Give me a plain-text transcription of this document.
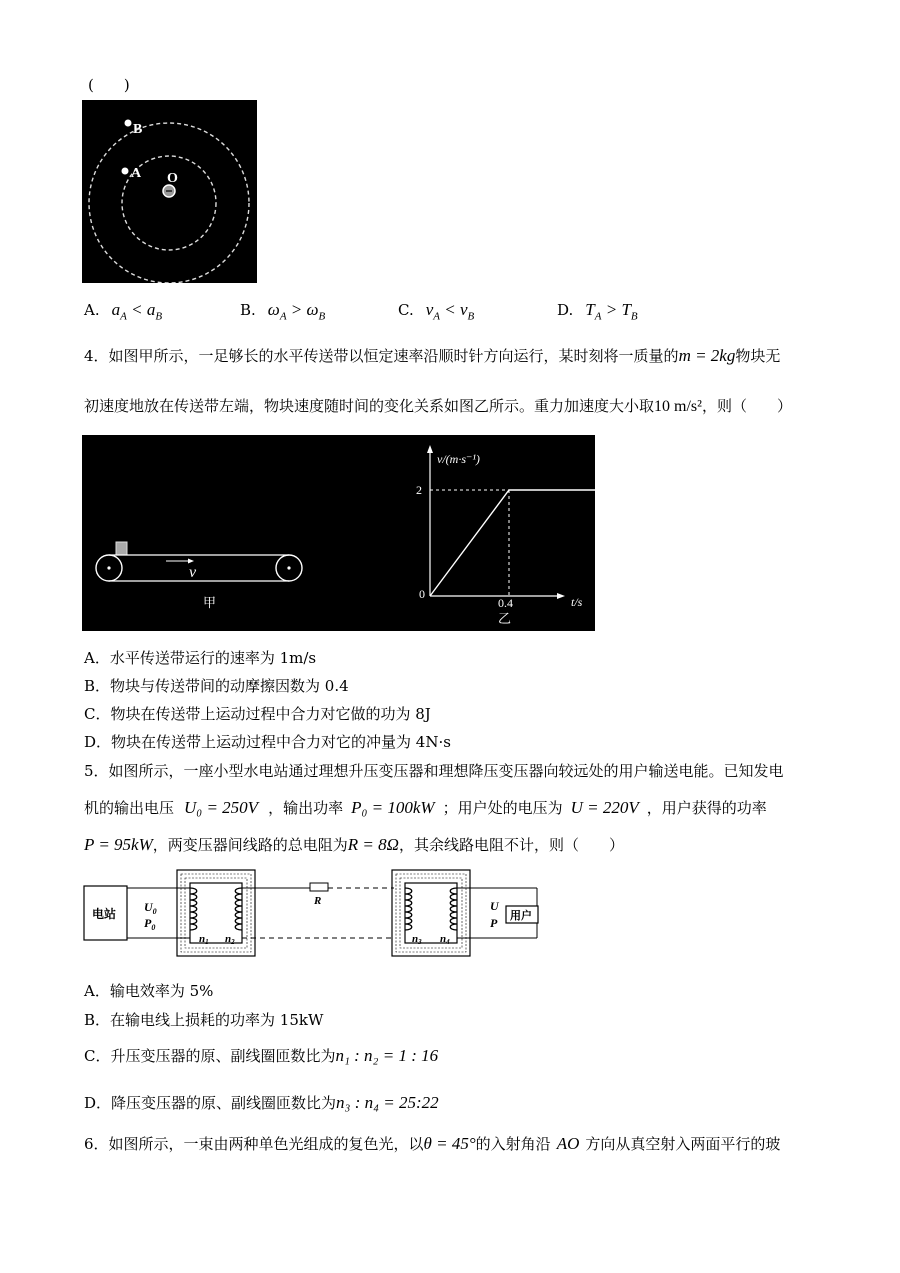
(　　)
B
A O
A. $a_A < a_B$	B. $\omega_A > \omega_B$	C. $v_A < v_B$	D. $T_A > T_B$
4．如图甲所示，一足够长的水平传送带以恒定速率沿顺时针方向运行，某时刻将一质量的m = 2kg物块无
初速度地放在传送带左端，物块速度随时间的变化关系如图乙所示。重力加速度大小取10 m/s²，则（　　）
v
甲
v/(m·s⁻¹)
t/s
2
0.4
0
乙
A．水平传送带运行的速率为 1m/s
B．物块与传送带间的动摩擦因数为 0.4
C．物块在传送带上运动过程中合力对它做的功为 8J
D．物块在传送带上运动过程中合力对它的冲量为 4N·s
5．如图所示，一座小型水电站通过理想升压变压器和理想降压变压器向较远处的用户输送电能。已知发电
机的输出电压 U₀ = 250V ，输出功率 P₀ = 100kW ；用户处的电压为 U = 220V ，用户获得的功率
P = 95kW，两变压器间线路的总电阻为R = 8Ω，其余线路电阻不计，则（　　）
电站 $U_0$
$P_0$
n1 n2
R
n3 n4
U
P 用户
A．输电效率为 5%
B．在输电线上损耗的功率为 15kW
C．升压变压器的原、副线圈匝数比为n₁ : n₂ = 1 : 16
D．降压变压器的原、副线圈匝数比为n₃ : n₄ = 25:22
6．如图所示，一束由两种单色光组成的复色光，以θ = 45°的入射角沿 AO 方向从真空射入两面平行的玻
